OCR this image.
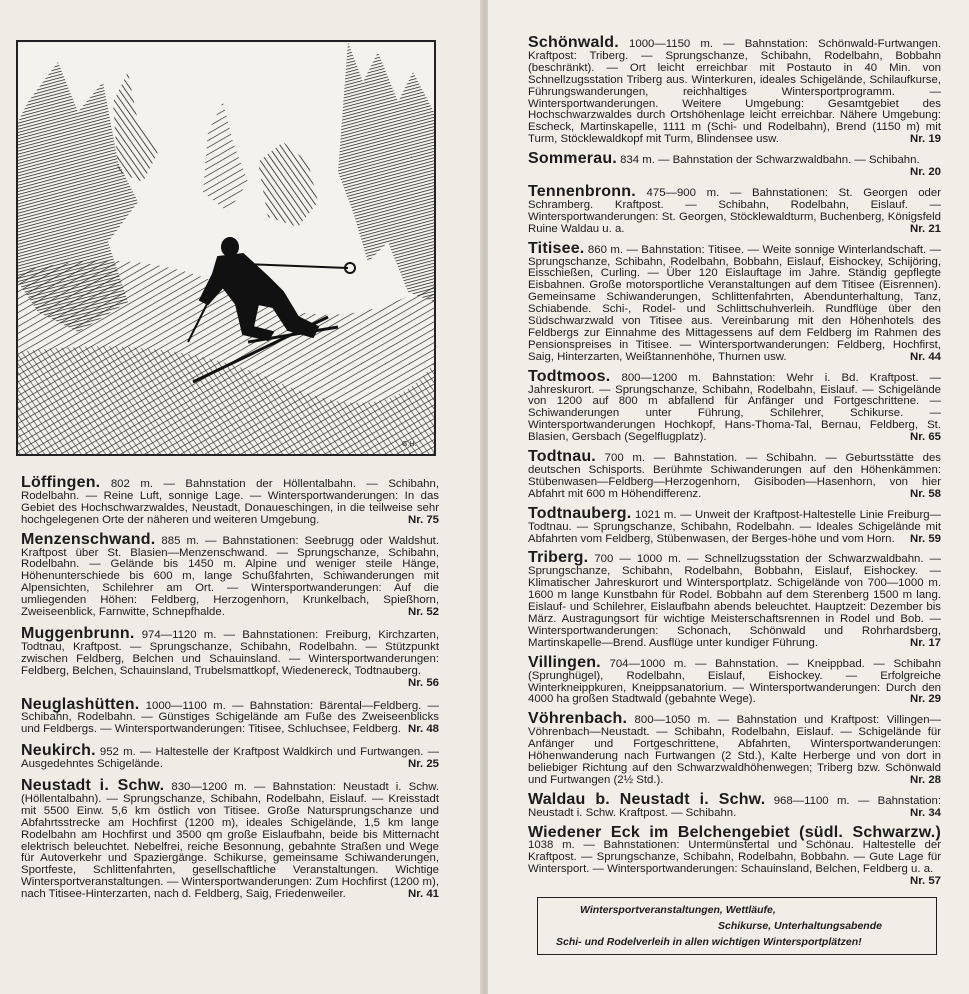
G.H.
Löffingen. 802 m. — Bahnstation der Höllentalbahn. — Schibahn, Rodelbahn. — Reine Luft, sonnige Lage. — Wintersportwanderungen: In das Gebiet des Hochschwarzwaldes, Neustadt, Donaueschingen, in die teilweise sehr hochgelegenen Orte der näheren und weiteren Umgebung.	Nr. 75
Menzenschwand. 885 m. — Bahnstationen: Seebrugg oder Waldshut. Kraftpost über St. Blasien—Menzenschwand. — Sprungschanze, Schibahn, Rodelbahn. — Gelände bis 1450 m. Alpine und weniger steile Hänge, Höhenunterschiede bis 600 m, lange Schußfahrten, Schiwanderungen mit Alpensichten, Schilehrer am Ort. — Wintersportwanderungen: Auf die umliegenden Höhen: Feldberg, Herzogenhorn, Krunkelbach, Spießhorn, Zweiseenblick, Farnwitte, Schnepfhalde.	Nr. 52
Muggenbrunn. 974—1120 m. — Bahnstationen: Freiburg, Kirchzarten, Todtnau, Kraftpost. — Sprungschanze, Schibahn, Rodelbahn. — Stützpunkt zwischen Feldberg, Belchen und Schauinsland. — Wintersportwanderungen: Feldberg, Belchen, Schauinsland, Trubelsmattkopf, Wiedenereck, Todtnauberg.
Nr. 56
Neuglashütten. 1000—1100 m. — Bahnstation: Bärental—Feldberg. — Schibahn, Rodelbahn. — Günstiges Schigelände am Fuße des Zweiseenblicks und Feldbergs. — Wintersportwanderungen: Titisee, Schluchsee, Feldberg. Nr. 48
Neukirch. 952 m. — Haltestelle der Kraftpost Waldkirch und Furtwangen. — Ausgedehntes Schigelände.	Nr. 25
Neustadt i. Schw. 830—1200 m. — Bahnstation: Neustadt i. Schw. (Höllentalbahn). — Sprungschanze, Schibahn, Rodelbahn, Eislauf. — Kreisstadt mit 5500 Einw. 5,6 km östlich von Titisee. Große Natursprungschanze und Abfahrtsstrecke am Hochfirst (1200 m), ideales Schigelände, 1,5 km lange Rodelbahn am Hochfirst und 3500 qm große Eislaufbahn, beide bis Mitternacht elektrisch beleuchtet. Nebelfrei, reiche Besonnung, gebahnte Straßen und Wege für Autoverkehr und Spaziergänge. Schikurse, gemeinsame Schiwanderungen, Sportfeste, Schlittenfahrten, gesellschaftliche Veranstaltungen. Wichtige Wintersportveranstaltungen. — Wintersportwanderungen: Zum Hochfirst (1200 m), nach Titisee-Hinterzarten, nach d. Feldberg, Saig, Friedenweiler.	Nr. 41
Schönwald. 1000—1150 m. — Bahnstation: Schönwald-Furtwangen. Kraftpost: Triberg. — Sprungschanze, Schibahn, Rodelbahn, Bobbahn (beschränkt). — Ort leicht erreichbar mit Postauto in 40 Min. von Schnellzugsstation Triberg aus. Winterkuren, ideales Schigelände, Schilaufkurse, Führungswanderungen, reichhaltiges Wintersportprogramm. — Wintersportwanderungen. Weitere Umgebung: Gesamtgebiet des Hochschwarzwaldes durch Ortshöhenlage leicht erreichbar. Nähere Umgebung: Escheck, Martinskapelle, 1111 m (Schi- und Rodelbahn), Brend (1150 m) mit Turm, Stöcklewaldkopf mit Turm, Blindensee usw.	Nr. 19
Sommerau. 834 m. — Bahnstation der Schwarzwaldbahn. — Schibahn.
Nr. 20
Tennenbronn. 475—900 m. — Bahnstationen: St. Georgen oder Schramberg. Kraftpost. — Schibahn, Rodelbahn, Eislauf. — Wintersportwanderungen: St. Georgen, Stöcklewaldturm, Buchenberg, Königsfeld Ruine Waldau u. a.	Nr. 21
Titisee. 860 m. — Bahnstation: Titisee. — Weite sonnige Winterlandschaft. — Sprungschanze, Schibahn, Rodelbahn, Bobbahn, Eislauf, Eishockey, Schijöring, Eisschießen, Curling. — Über 120 Eislauftage im Jahre. Ständig gepflegte Eisbahnen. Große motorsportliche Veranstaltungen auf dem Titisee (Eisrennen). Gemeinsame Schiwanderungen, Schlittenfahrten, Abendunterhaltung, Tanz, Schiabende. Schi-, Rodel- und Schlittschuhverleih. Rundflüge über den Südschwarzwald von Titisee aus. Vereinbarung mit den Höhenhotels des Feldbergs zur Einnahme des Mittagessens auf dem Feldberg im Rahmen des Pensionspreises in Titisee. — Wintersportwanderungen: Feldberg, Hochfirst, Saig, Hinterzarten, Weißtannenhöhe, Thurnen usw.	Nr. 44
Todtmoos. 800—1200 m. Bahnstation: Wehr i. Bd. Kraftpost. — Jahreskurort. — Sprungschanze, Schibahn, Rodelbahn, Eislauf. — Schigelände von 1200 auf 800 m abfallend für Anfänger und Fortgeschrittene. — Schiwanderungen unter Führung, Schilehrer, Schikurse. — Wintersportwanderungen Hochkopf, Hans-Thoma-Tal, Bernau, Feldberg, St. Blasien, Gersbach (Segelflugplatz).	Nr. 65
Todtnau. 700 m. — Bahnstation. — Schibahn. — Geburtsstätte des deutschen Schisports. Berühmte Schiwanderungen auf den Höhenkämmen: Stübenwasen—Feldberg—Herzogenhorn, Gisiboden—Hasenhorn, von hier Abfahrt mit 600 m Höhendifferenz.	Nr. 58
Todtnauberg. 1021 m. — Unweit der Kraftpost-Haltestelle Linie Freiburg—Todtnau. — Sprungschanze, Schibahn, Rodelbahn. — Ideales Schigelände mit Abfahrten vom Feldberg, Stübenwasen, der Berges-höhe und vom Horn.	Nr. 59
Triberg. 700 — 1000 m. — Schnellzugsstation der Schwarzwaldbahn. — Sprungschanze, Schibahn, Rodelbahn, Bobbahn, Eislauf, Eishockey. — Klimatischer Jahreskurort und Wintersportplatz. Schigelände von 700—1000 m. 1600 m lange Kunstbahn für Rodel. Bobbahn auf dem Sterenberg 1500 m lang. Eislauf- und Schilehrer, Eislaufbahn abends beleuchtet. Hauptzeit: Dezember bis März. Austragungsort für wichtige Meisterschaftsrennen in Rodel und Bob. — Wintersportwanderungen: Schonach, Schönwald und Rohrhardsberg, Martinskapelle—Brend. Ausflüge unter kundiger Führung.	Nr. 17
Villingen. 704—1000 m. — Bahnstation. — Kneippbad. — Schibahn (Sprunghügel), Rodelbahn, Eislauf, Eishockey. — Erfolgreiche Winterkneippkuren, Kneippsanatorium. — Wintersportwanderungen: Durch den 4000 ha großen Stadtwald (gebahnte Wege).	Nr. 29
Vöhrenbach. 800—1050 m. — Bahnstation und Kraftpost: Villingen—Vöhrenbach—Neustadt. — Schibahn, Rodelbahn, Eislauf. — Schigelände für Anfänger und Fortgeschrittene, Abfahrten, Wintersportwanderungen: Höhenwanderung nach Furtwangen (2 Std.), Kalte Herberge und von dort in beliebiger Richtung auf den Schwarzwaldhöhenwegen; Triberg bzw. Schönwald und Furtwangen (2½ Std.).	Nr. 28
Waldau b. Neustadt i. Schw. 968—1100 m. — Bahnstation: Neustadt i. Schw. Kraftpost. — Schibahn.	Nr. 34
Wiedener Eck im Belchengebiet (südl. Schwarzw.) 1038 m. — Bahnstationen: Untermünstertal und Schönau. Haltestelle der Kraftpost. — Sprungschanze, Schibahn, Rodelbahn, Bobbahn. — Gute Lage für Wintersport. — Wintersportwanderungen: Schauinsland, Belchen, Feldberg u. a.
Nr. 57
Wintersportveranstaltungen, Wettläufe,
Schikurse, Unterhaltungsabende
Schi- und Rodelverleih in allen wichtigen Wintersportplätzen!
